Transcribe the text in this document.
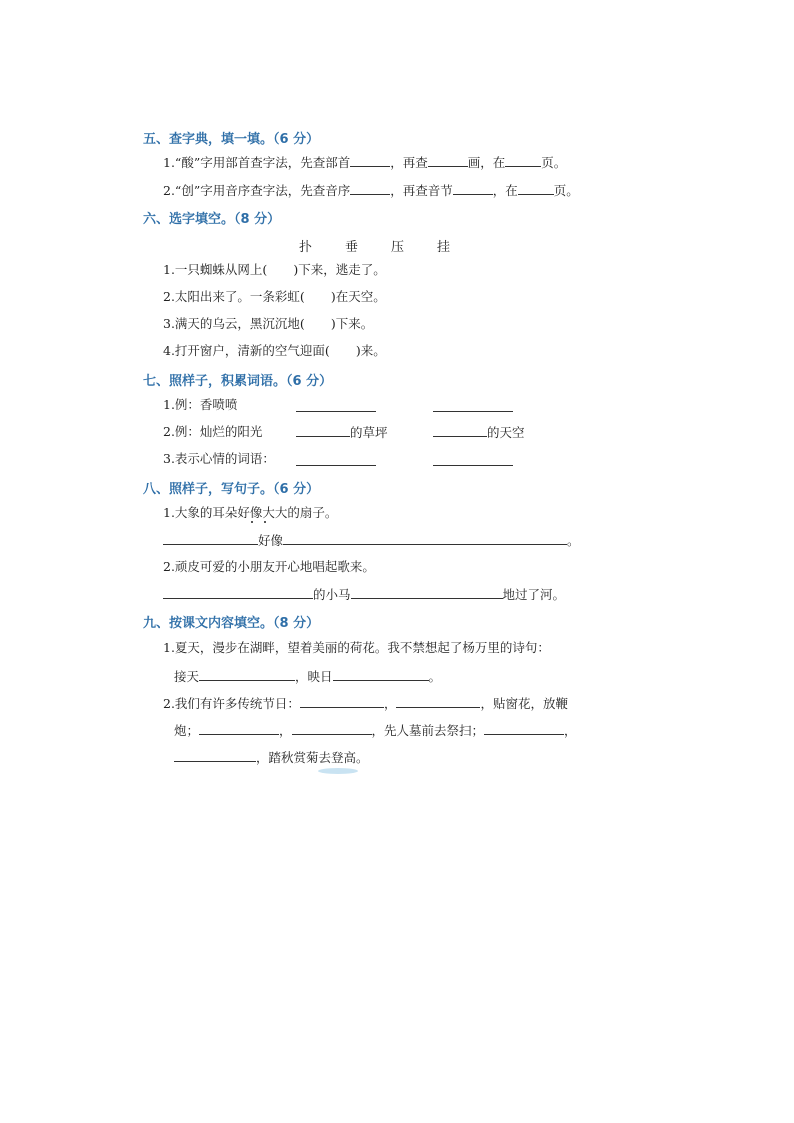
五、查字典，填一填。（6 分）
1.“酸”字用部首查字法，先查部首	，再查	画，在	页。
2.“创”字用音序查字法，先查音序	，再查音节	，在	页。
六、选字填空。（8 分）
扑	垂	压	挂
1.一只蜘蛛从网上( )下来，逃走了。
2.太阳出来了。一条彩虹( )在天空。
3.满天的乌云，黑沉沉地( )下来。
4.打开窗户，清新的空气迎面( )来。
七、照样子，积累词语。（6 分）
1.例：香喷喷
2.例：灿烂的阳光	的草坪	的天空
3.表示心情的词语：
八、照样子，写句子。（6 分）
1.大象的耳朵好像大大的扇子。
好像	。
2.顽皮可爱的小朋友开心地唱起歌来。
的小马	地过了河。
九、按课文内容填空。（8 分）
1.夏天，漫步在湖畔，望着美丽的荷花。我不禁想起了杨万里的诗句：
接天	，映日	。
2.我们有许多传统节日：	，	，贴窗花，放鞭
炮；	，	，先人墓前去祭扫；	，
，踏秋赏菊去登高。
